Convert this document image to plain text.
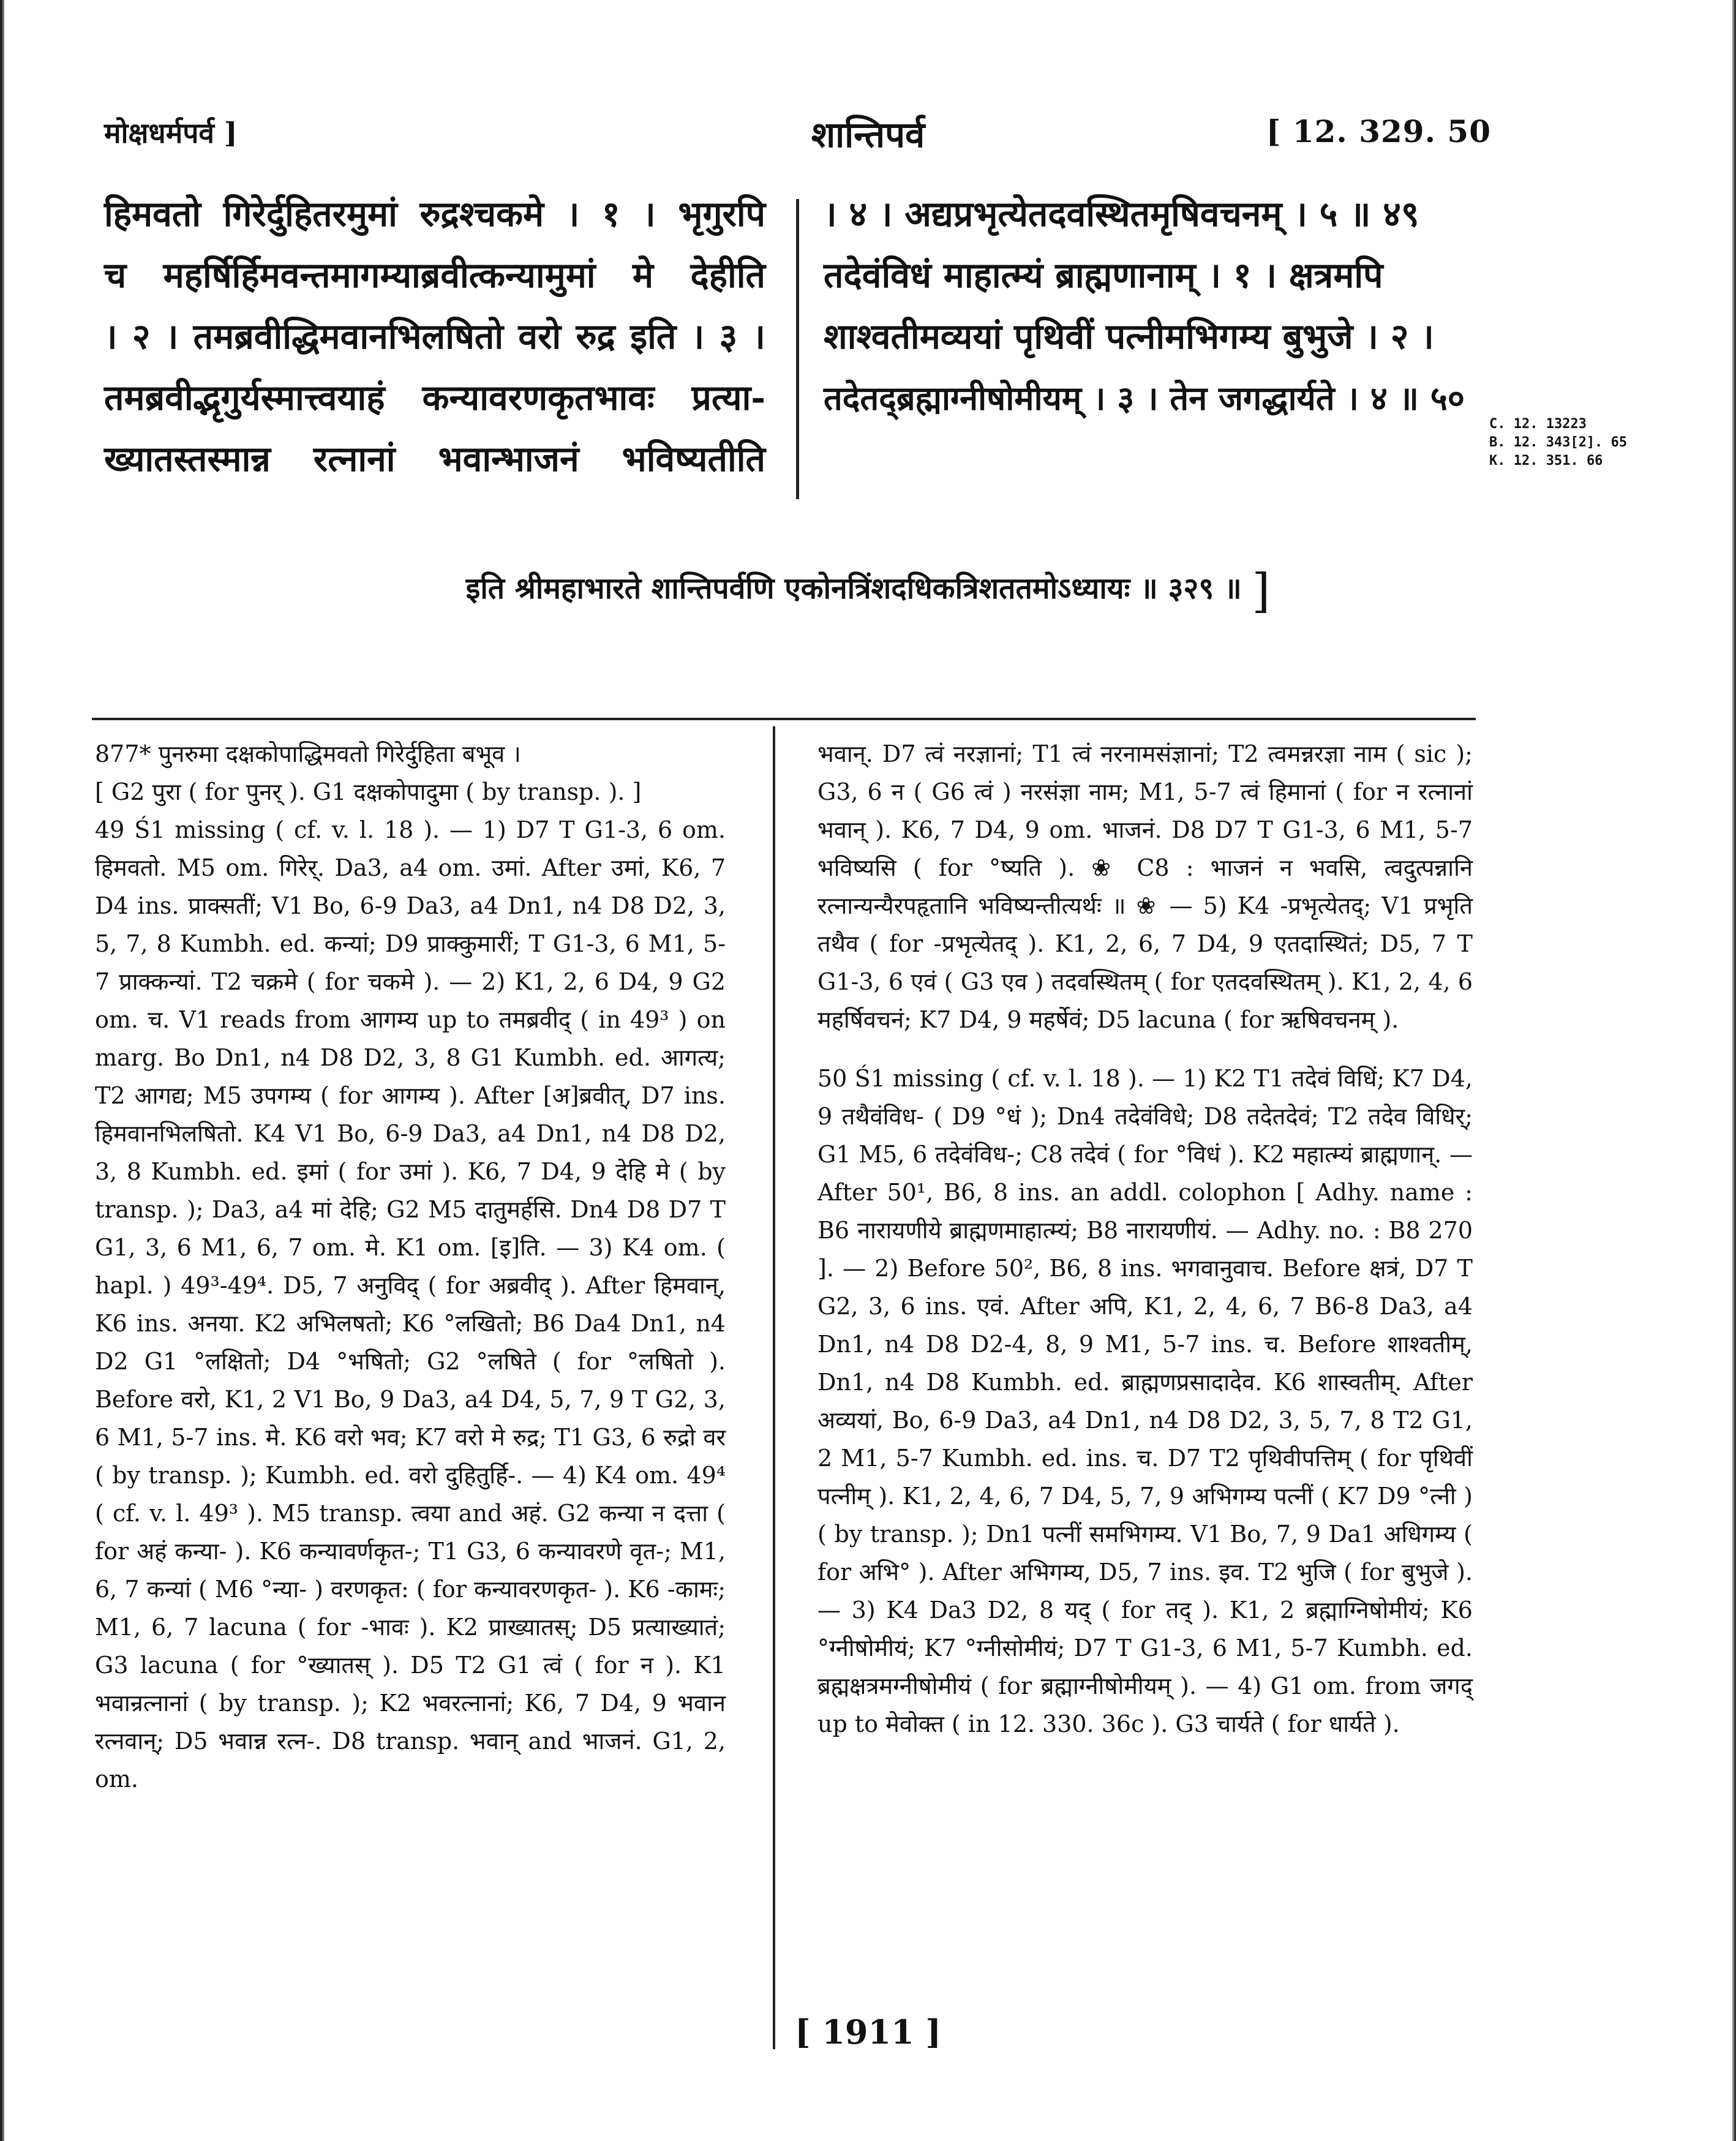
मोक्षधर्मपर्व ]	शान्तिपर्व	[ 12. 329. 50

हिमवतो गिरेर्दुहितरमुमां रुद्रश्चकमे । १ । भृगुरपि

च महर्षिर्हिमवन्तमागम्याब्रवीत्कन्यामुमां मे देहीति

। २ । तमब्रवीद्धिमवानभिलषितो वरो रुद्र इति । ३ ।

तमब्रवीद्भृगुर्यस्मात्त्वयाहं कन्यावरणकृतभावः प्रत्या-

ख्यातस्तस्मान्न रत्नानां भवान्भाजनं भविष्यतीति

। ४ । अद्यप्रभृत्येतदवस्थितमृषिवचनम् । ५ ॥ ४९

तदेवंविधं माहात्म्यं ब्राह्मणानाम् । १ । क्षत्रमपि

शाश्वतीमव्ययां पृथिवीं पत्नीमभिगम्य बुभुजे । २ ।

तदेतद्ब्रह्माग्नीषोमीयम् । ३ । तेन जगद्धार्यते । ४ ॥ ५०

C. 12. 13223
B. 12. 343[2]. 65
K. 12. 351. 66
इति श्रीमहाभारते शान्तिपर्वणि एकोनत्रिंशदधिकत्रिशततमोऽध्यायः ॥ ३२९ ॥ ]

877* पुनरुमा दक्षकोपाद्धिमवतो गिरेर्दुहिता बभूव ।

[ G2 पुरा ( for पुनर् ). G1 दक्षकोपादुमा ( by transp. ). ]

49 Ś1 missing ( cf. v. l. 18 ). — 1) D7 T G1-3, 6 om. हिमवतो. M5 om. गिरेर्. Da3, a4 om. उमां. After उमां, K6, 7 D4 ins. प्राक्सतीं; V1 Bo, 6-9 Da3, a4 Dn1, n4 D8 D2, 3, 5, 7, 8 Kumbh. ed. कन्यां; D9 प्राक्कुमारीं; T G1-3, 6 M1, 5-7 प्राक्कन्यां. T2 चक्रमे ( for चकमे ). — 2) K1, 2, 6 D4, 9 G2 om. च. V1 reads from आगम्य up to तमब्रवीद् ( in 49³ ) on marg. Bo Dn1, n4 D8 D2, 3, 8 G1 Kumbh. ed. आगत्य; T2 आगद्य; M5 उपगम्य ( for आगम्य ). After [अ]ब्रवीत्, D7 ins. हिमवानभिलषितो. K4 V1 Bo, 6-9 Da3, a4 Dn1, n4 D8 D2, 3, 8 Kumbh. ed. इमां ( for उमां ). K6, 7 D4, 9 देहि मे ( by transp. ); Da3, a4 मां देहि; G2 M5 दातुमर्हसि. Dn4 D8 D7 T G1, 3, 6 M1, 6, 7 om. मे. K1 om. [इ]ति. — 3) K4 om. ( hapl. ) 49³-49⁴. D5, 7 अनुविद् ( for अब्रवीद् ). After हिमवान्, K6 ins. अनया. K2 अभिलषतो; K6 °लखितो; B6 Da4 Dn1, n4 D2 G1 °लक्षितो; D4 °भषितो; G2 °लषिते ( for °लषितो ). Before वरो, K1, 2 V1 Bo, 9 Da3, a4 D4, 5, 7, 9 T G2, 3, 6 M1, 5-7 ins. मे. K6 वरो भव; K7 वरो मे रुद्र; T1 G3, 6 रुद्रो वर ( by transp. ); Kumbh. ed. वरो दुहितुर्हि-. — 4) K4 om. 49⁴ ( cf. v. l. 49³ ). M5 transp. त्वया and अहं. G2 कन्या न दत्ता ( for अहं कन्या- ). K6 कन्यावर्णकृत-; T1 G3, 6 कन्यावरणे वृत-; M1, 6, 7 कन्यां ( M6 °न्या- ) वरणकृत: ( for कन्यावरणकृत- ). K6 -कामः; M1, 6, 7 lacuna ( for -भावः ). K2 प्राख्यातस्; D5 प्रत्याख्यातं; G3 lacuna ( for °ख्यातस् ). D5 T2 G1 त्वं ( for न ). K1 भवान्रत्नानां ( by transp. ); K2 भवरत्नानां; K6, 7 D4, 9 भवान रत्नवान्; D5 भवान्न रत्न-. D8 transp. भवान् and भाजनं. G1, 2, om.

भवान्. D7 त्वं नरज्ञानां; T1 त्वं नरनामसंज्ञानां; T2 त्वमन्नरज्ञा नाम ( sic ); G3, 6 न ( G6 त्वं ) नरसंज्ञा नाम; M1, 5-7 त्वं हिमानां ( for न रत्नानां भवान् ). K6, 7 D4, 9 om. भाजनं. D8 D7 T G1-3, 6 M1, 5-7 भविष्यसि ( for °ष्यति ). ❀ C8 : भाजनं न भवसि, त्वदुत्पन्नानि रत्नान्यन्यैरपहृतानि भविष्यन्तीत्यर्थः ॥ ❀ — 5) K4 -प्रभृत्येतद्; V1 प्रभृति तथैव ( for -प्रभृत्येतद् ). K1, 2, 6, 7 D4, 9 एतदास्थितं; D5, 7 T G1-3, 6 एवं ( G3 एव ) तदवस्थितम् ( for एतदवस्थितम् ). K1, 2, 4, 6 महर्षिवचनं; K7 D4, 9 महर्षेवं; D5 lacuna ( for ऋषिवचनम् ).

50 Ś1 missing ( cf. v. l. 18 ). — 1) K2 T1 तदेवं विधिं; K7 D4, 9 तथैवंविध- ( D9 °धं ); Dn4 तदेवंविधे; D8 तदेतदेवं; T2 तदेव विधिर्; G1 M5, 6 तदेवंविध-; C8 तदेवं ( for °विधं ). K2 महात्म्यं ब्राह्मणान्. — After 50¹, B6, 8 ins. an addl. colophon [ Adhy. name : B6 नारायणीये ब्राह्मणमाहात्म्यं; B8 नारायणीयं. — Adhy. no. : B8 270 ]. — 2) Before 50², B6, 8 ins. भगवानुवाच. Before क्षत्रं, D7 T G2, 3, 6 ins. एवं. After अपि, K1, 2, 4, 6, 7 B6-8 Da3, a4 Dn1, n4 D8 D2-4, 8, 9 M1, 5-7 ins. च. Before शाश्वतीम्, Dn1, n4 D8 Kumbh. ed. ब्राह्मणप्रसादादेव. K6 शास्वतीम्. After अव्ययां, Bo, 6-9 Da3, a4 Dn1, n4 D8 D2, 3, 5, 7, 8 T2 G1, 2 M1, 5-7 Kumbh. ed. ins. च. D7 T2 पृथिवीपत्तिम् ( for पृथिवीं पत्नीम् ). K1, 2, 4, 6, 7 D4, 5, 7, 9 अभिगम्य पत्नीं ( K7 D9 °त्नी ) ( by transp. ); Dn1 पत्नीं समभिगम्य. V1 Bo, 7, 9 Da1 अधिगम्य ( for अभि° ). After अभिगम्य, D5, 7 ins. इव. T2 भुजि ( for बुभुजे ). — 3) K4 Da3 D2, 8 यद् ( for तद् ). K1, 2 ब्रह्माग्निषोमीयं; K6 °ग्नीषोमीयं; K7 °ग्नीसोमीयं; D7 T G1-3, 6 M1, 5-7 Kumbh. ed. ब्रह्मक्षत्रमग्नीषोमीयं ( for ब्रह्माग्नीषोमीयम् ). — 4) G1 om. from जगद् up to मेवोक्त ( in 12. 330. 36c ). G3 चार्यते ( for धार्यते ).

[ 1911 ]
